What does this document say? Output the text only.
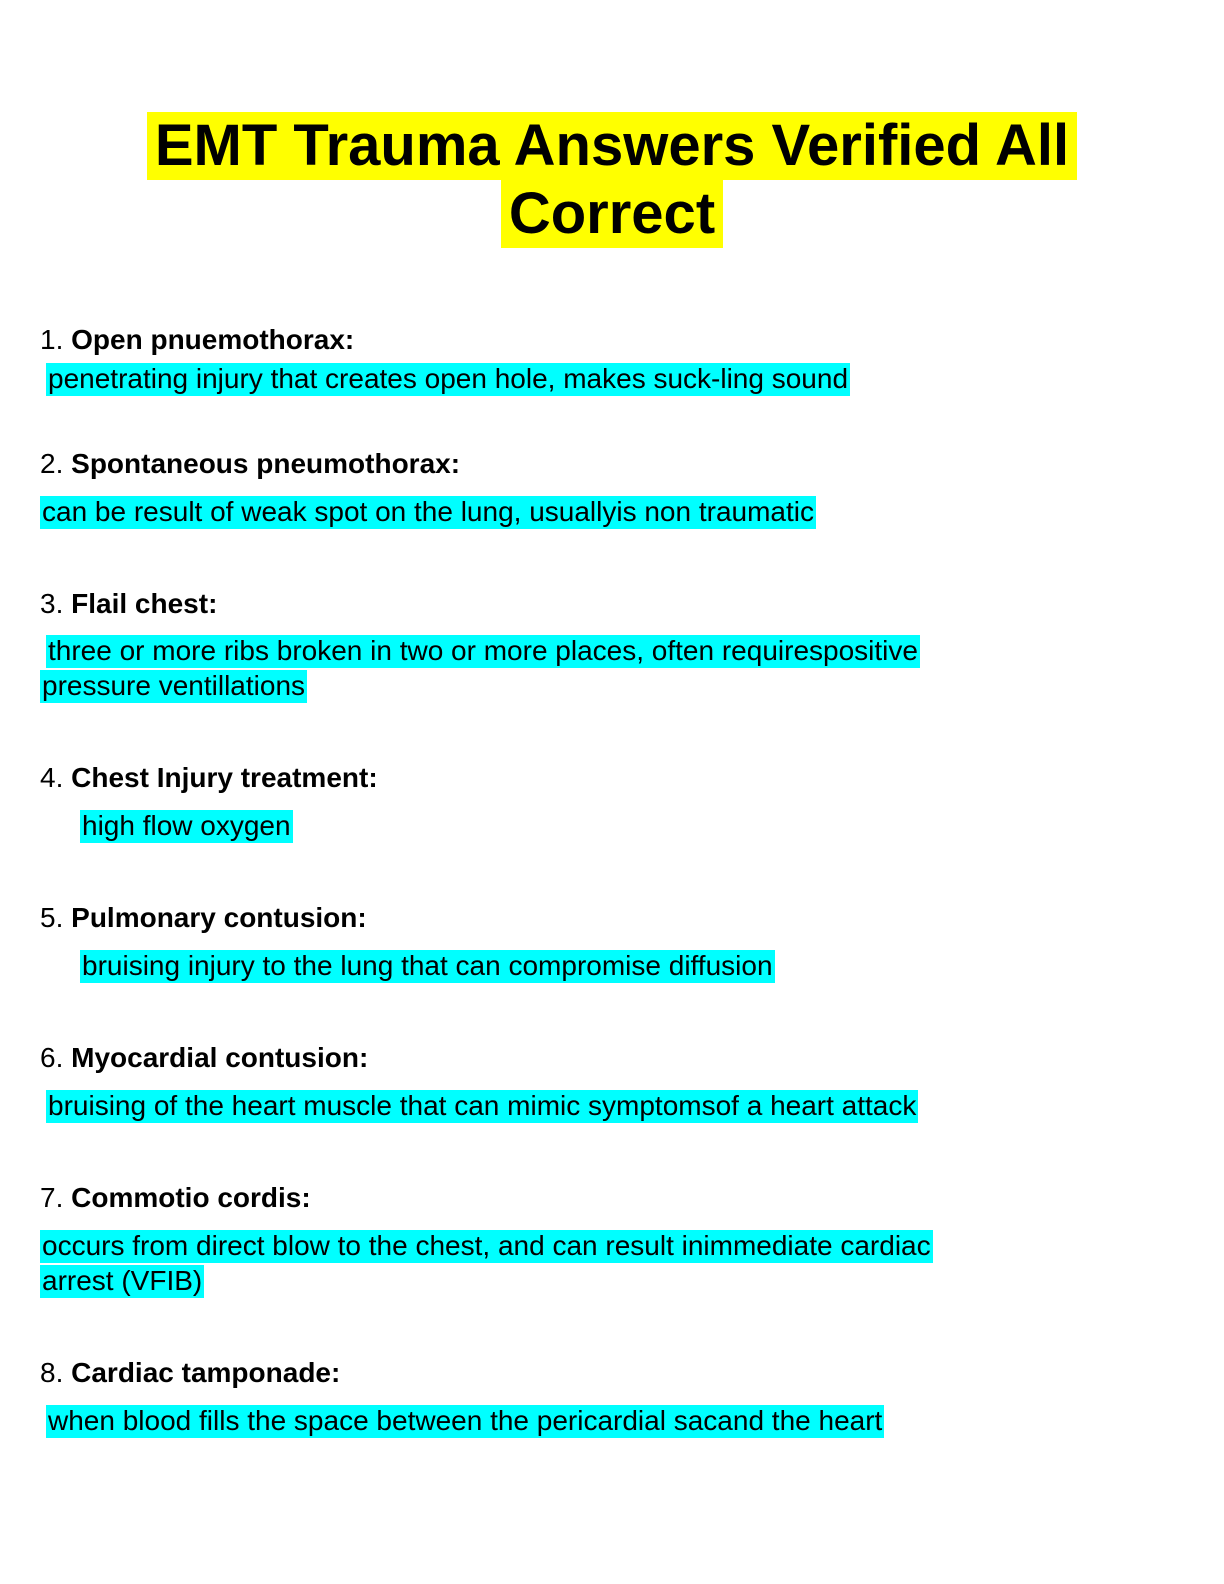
EMT Trauma Answers Verified All
Correct
1. Open pnuemothorax:
penetrating injury that creates open hole, makes suck-ling sound
2. Spontaneous pneumothorax:
can be result of weak spot on the lung, usuallyis non traumatic
3. Flail chest:
three or more ribs broken in two or more places, often requirespositive
pressure ventillations
4. Chest Injury treatment:
high flow oxygen
5. Pulmonary contusion:
bruising injury to the lung that can compromise diffusion
6. Myocardial contusion:
bruising of the heart muscle that can mimic symptomsof a heart attack
7. Commotio cordis:
occurs from direct blow to the chest, and can result inimmediate cardiac
arrest (VFIB)
8. Cardiac tamponade:
when blood fills the space between the pericardial sacand the heart
